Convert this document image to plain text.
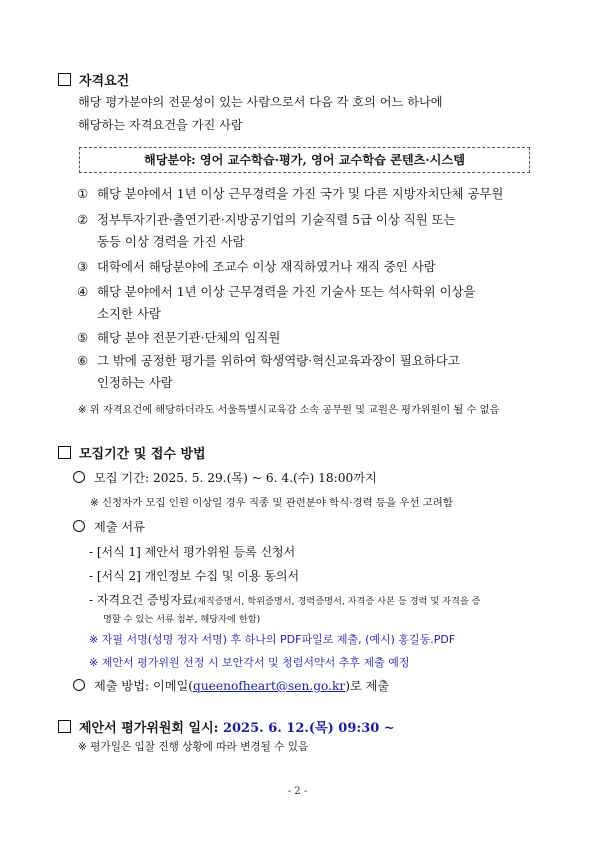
자격요건
해당 평가분야의 전문성이 있는 사람으로서 다음 각 호의 어느 하나에
해당하는 자격요건을 가진 사람
해당분야: 영어 교수학습·평가, 영어 교수학습 콘텐츠·시스템
① 해당 분야에서 1년 이상 근무경력을 가진 국가 및 다른 지방자치단체 공무원
② 정부투자기관·출연기관·지방공기업의 기술직렬 5급 이상 직원 또는
동등 이상 경력을 가진 사람
③ 대학에서 해당분야에 조교수 이상 재직하였거나 재직 중인 사람
④ 해당 분야에서 1년 이상 근무경력을 가진 기술사 또는 석사학위 이상을
소지한 사람
⑤ 해당 분야 전문기관·단체의 임직원
⑥ 그 밖에 공정한 평가를 위하여 학생역량·혁신교육과장이 필요하다고
인정하는 사람
※ 위 자격요건에 해당하더라도 서울특별시교육감 소속 공무원 및 교원은 평가위원이 될 수 없음
모집기간 및 접수 방법
모집 기간: 2025. 5. 29.(목) ~ 6. 4.(수) 18:00까지
※ 신청자가 모집 인원 이상일 경우 직종 및 관련분야 학식·경력 등을 우선 고려함
제출 서류
- [서식 1] 제안서 평가위원 등록 신청서
- [서식 2] 개인정보 수집 및 이용 동의서
- 자격요건 증빙자료(재직증명서, 학위증명서, 경력증명서, 자격증 사본 등 경력 및 자격을 증
명할 수 있는 서류 첨부, 해당자에 한함)
※ 자필 서명(성명 정자 서명) 후 하나의 PDF파일로 제출, (예시) 홍길동.PDF
※ 제안서 평가위원 선정 시 보안각서 및 청렴서약서 추후 제출 예정
제출 방법: 이메일(queenofheart@sen.go.kr)로 제출
제안서 평가위원회 일시: 2025. 6. 12.(목) 09:30 ~
※ 평가일은 입찰 진행 상황에 따라 변경될 수 있음
- 2 -
